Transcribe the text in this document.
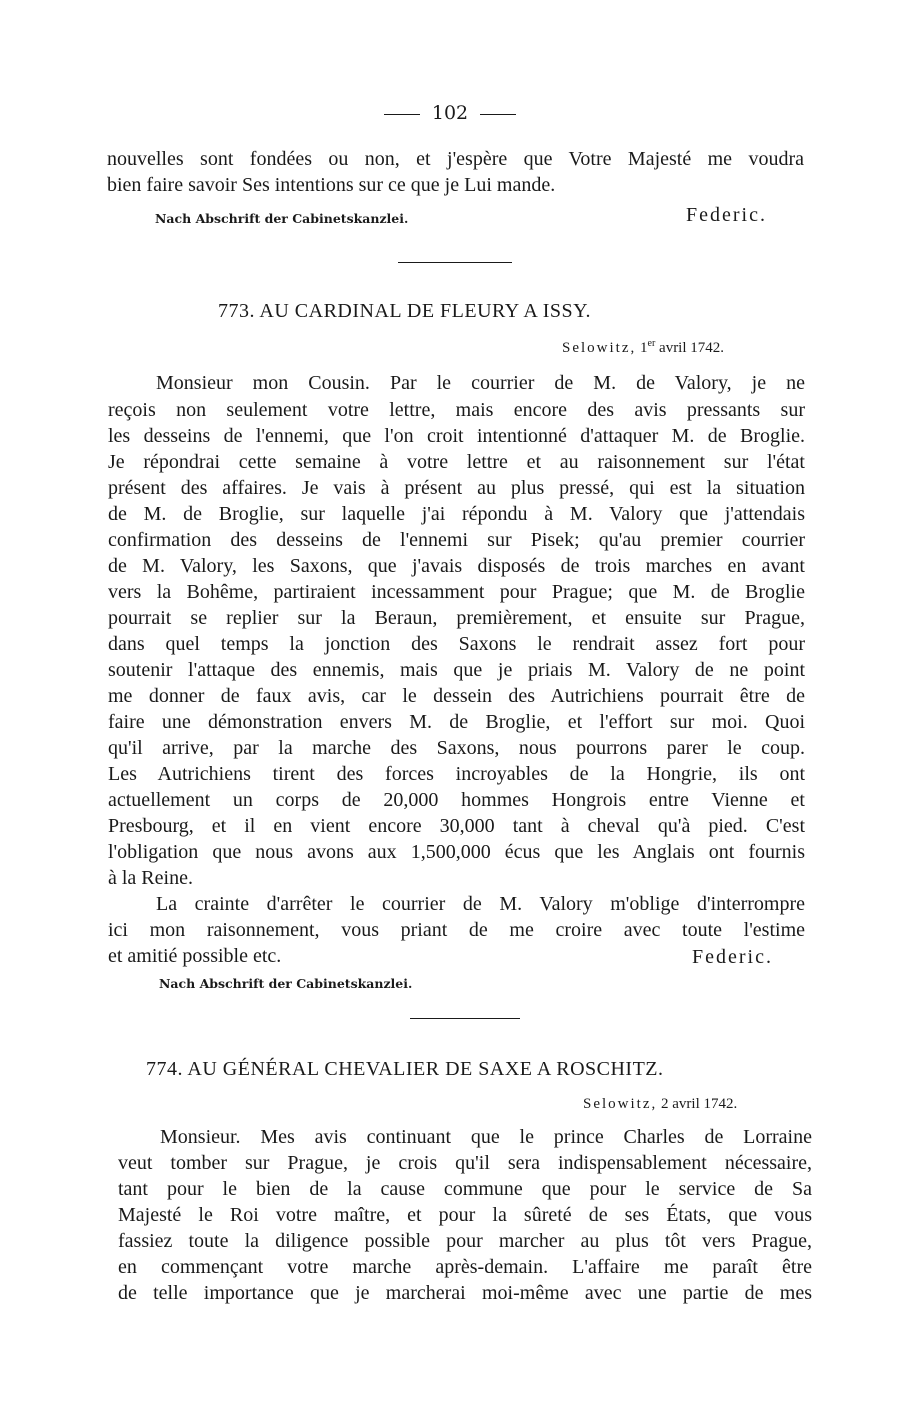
102
nouvelles sont fondées ou non, et j'espère que Votre Majesté me voudra
bien faire savoir Ses intentions sur ce que je Lui mande.
Nach Abschrift der Cabinetskanzlei.	Federic.
773. AU CARDINAL DE FLEURY A ISSY.
Selowitz, 1er avril 1742.
Monsieur mon Cousin. Par le courrier de M. de Valory, je ne
reçois non seulement votre lettre, mais encore des avis pressants sur
les desseins de l'ennemi, que l'on croit intentionné d'attaquer M. de Broglie.
Je répondrai cette semaine à votre lettre et au raisonnement sur l'état
présent des affaires. Je vais à présent au plus pressé, qui est la situation
de M. de Broglie, sur laquelle j'ai répondu à M. Valory que j'attendais
confirmation des desseins de l'ennemi sur Pisek; qu'au premier courrier
de M. Valory, les Saxons, que j'avais disposés de trois marches en avant
vers la Bohême, partiraient incessamment pour Prague; que M. de Broglie
pourrait se replier sur la Beraun, premièrement, et ensuite sur Prague,
dans quel temps la jonction des Saxons le rendrait assez fort pour
soutenir l'attaque des ennemis, mais que je priais M. Valory de ne point
me donner de faux avis, car le dessein des Autrichiens pourrait être de
faire une démonstration envers M. de Broglie, et l'effort sur moi. Quoi
qu'il arrive, par la marche des Saxons, nous pourrons parer le coup.
Les Autrichiens tirent des forces incroyables de la Hongrie, ils ont
actuellement un corps de 20,000 hommes Hongrois entre Vienne et
Presbourg, et il en vient encore 30,000 tant à cheval qu'à pied. C'est
l'obligation que nous avons aux 1,500,000 écus que les Anglais ont fournis
à la Reine.
La crainte d'arrêter le courrier de M. Valory m'oblige d'interrompre
ici mon raisonnement, vous priant de me croire avec toute l'estime
et amitié possible etc.	Federic.
Nach Abschrift der Cabinetskanzlei.
774. AU GÉNÉRAL CHEVALIER DE SAXE A ROSCHITZ.
Selowitz, 2 avril 1742.
Monsieur. Mes avis continuant que le prince Charles de Lorraine
veut tomber sur Prague, je crois qu'il sera indispensablement nécessaire,
tant pour le bien de la cause commune que pour le service de Sa
Majesté le Roi votre maître, et pour la sûreté de ses États, que vous
fassiez toute la diligence possible pour marcher au plus tôt vers Prague,
en commençant votre marche après-demain. L'affaire me paraît être
de telle importance que je marcherai moi-même avec une partie de mes
